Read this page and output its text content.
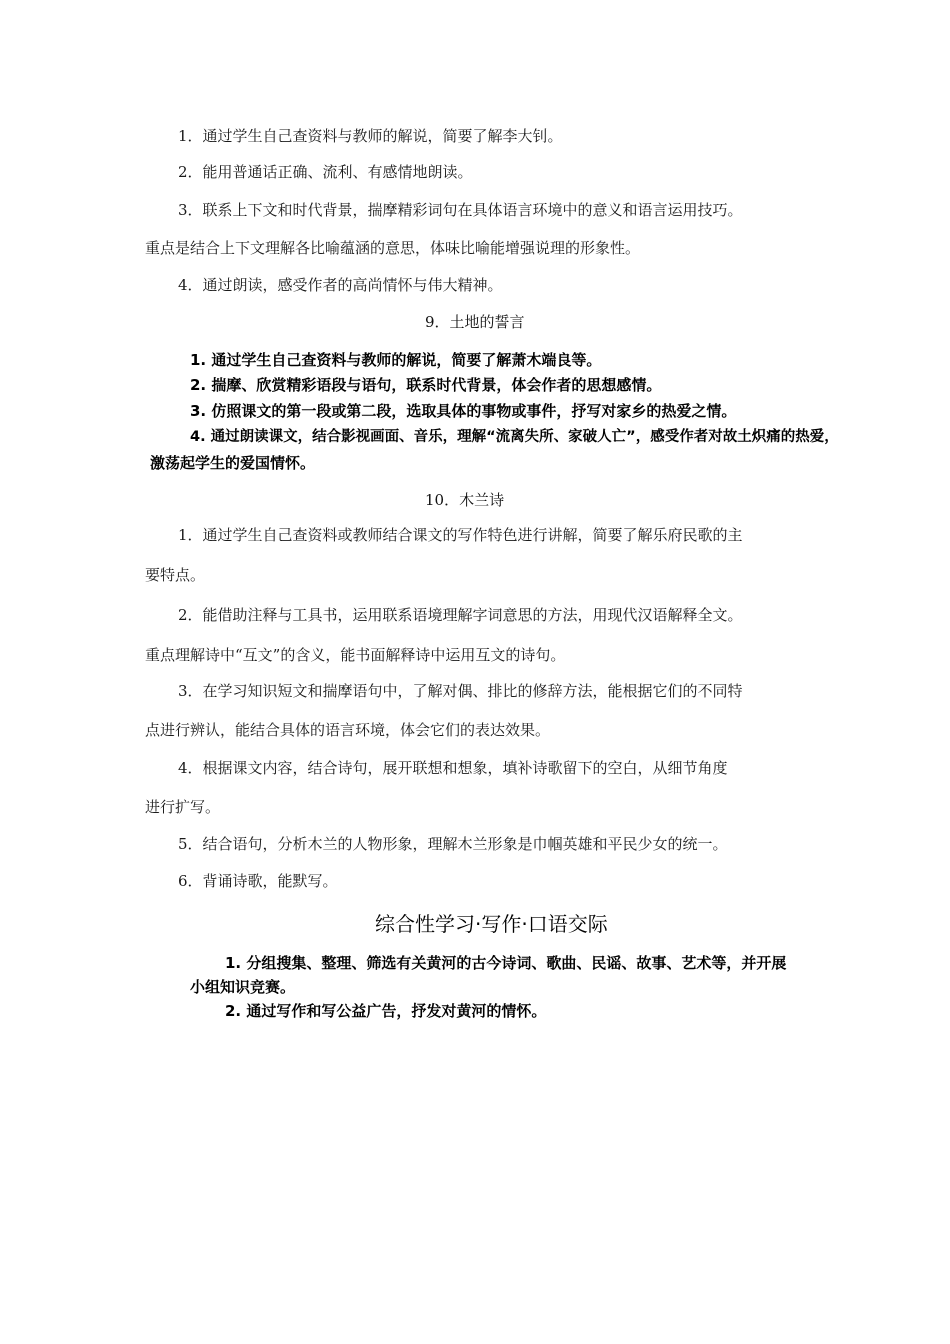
1．通过学生自己查资料与教师的解说，简要了解李大钊。
2．能用普通话正确、流利、有感情地朗读。
3．联系上下文和时代背景，揣摩精彩词句在具体语言环境中的意义和语言运用技巧。
重点是结合上下文理解各比喻蕴涵的意思，体味比喻能增强说理的形象性。
4．通过朗读，感受作者的高尚情怀与伟大精神。
9．土地的誓言
1. 通过学生自己查资料与教师的解说，简要了解萧木端良等。
2. 揣摩、欣赏精彩语段与语句，联系时代背景，体会作者的思想感情。
3. 仿照课文的第一段或第二段，选取具体的事物或事件，抒写对家乡的热爱之情。
4. 通过朗读课文，结合影视画面、音乐，理解“流离失所、家破人亡”，感受作者对故土炽痛的热爱，
激荡起学生的爱国情怀。
10．木兰诗
1．通过学生自己查资料或教师结合课文的写作特色进行讲解，简要了解乐府民歌的主
要特点。
2．能借助注释与工具书，运用联系语境理解字词意思的方法，用现代汉语解释全文。
重点理解诗中“互文”的含义，能书面解释诗中运用互文的诗句。
3．在学习知识短文和揣摩语句中，了解对偶、排比的修辞方法，能根据它们的不同特
点进行辨认，能结合具体的语言环境，体会它们的表达效果。
4．根据课文内容，结合诗句，展开联想和想象，填补诗歌留下的空白，从细节角度
进行扩写。
5．结合语句，分析木兰的人物形象，理解木兰形象是巾帼英雄和平民少女的统一。
6．背诵诗歌，能默写。
综合性学习·写作·口语交际
1. 分组搜集、整理、筛选有关黄河的古今诗词、歌曲、民谣、故事、艺术等，并开展
小组知识竞赛。
2. 通过写作和写公益广告，抒发对黄河的情怀。
